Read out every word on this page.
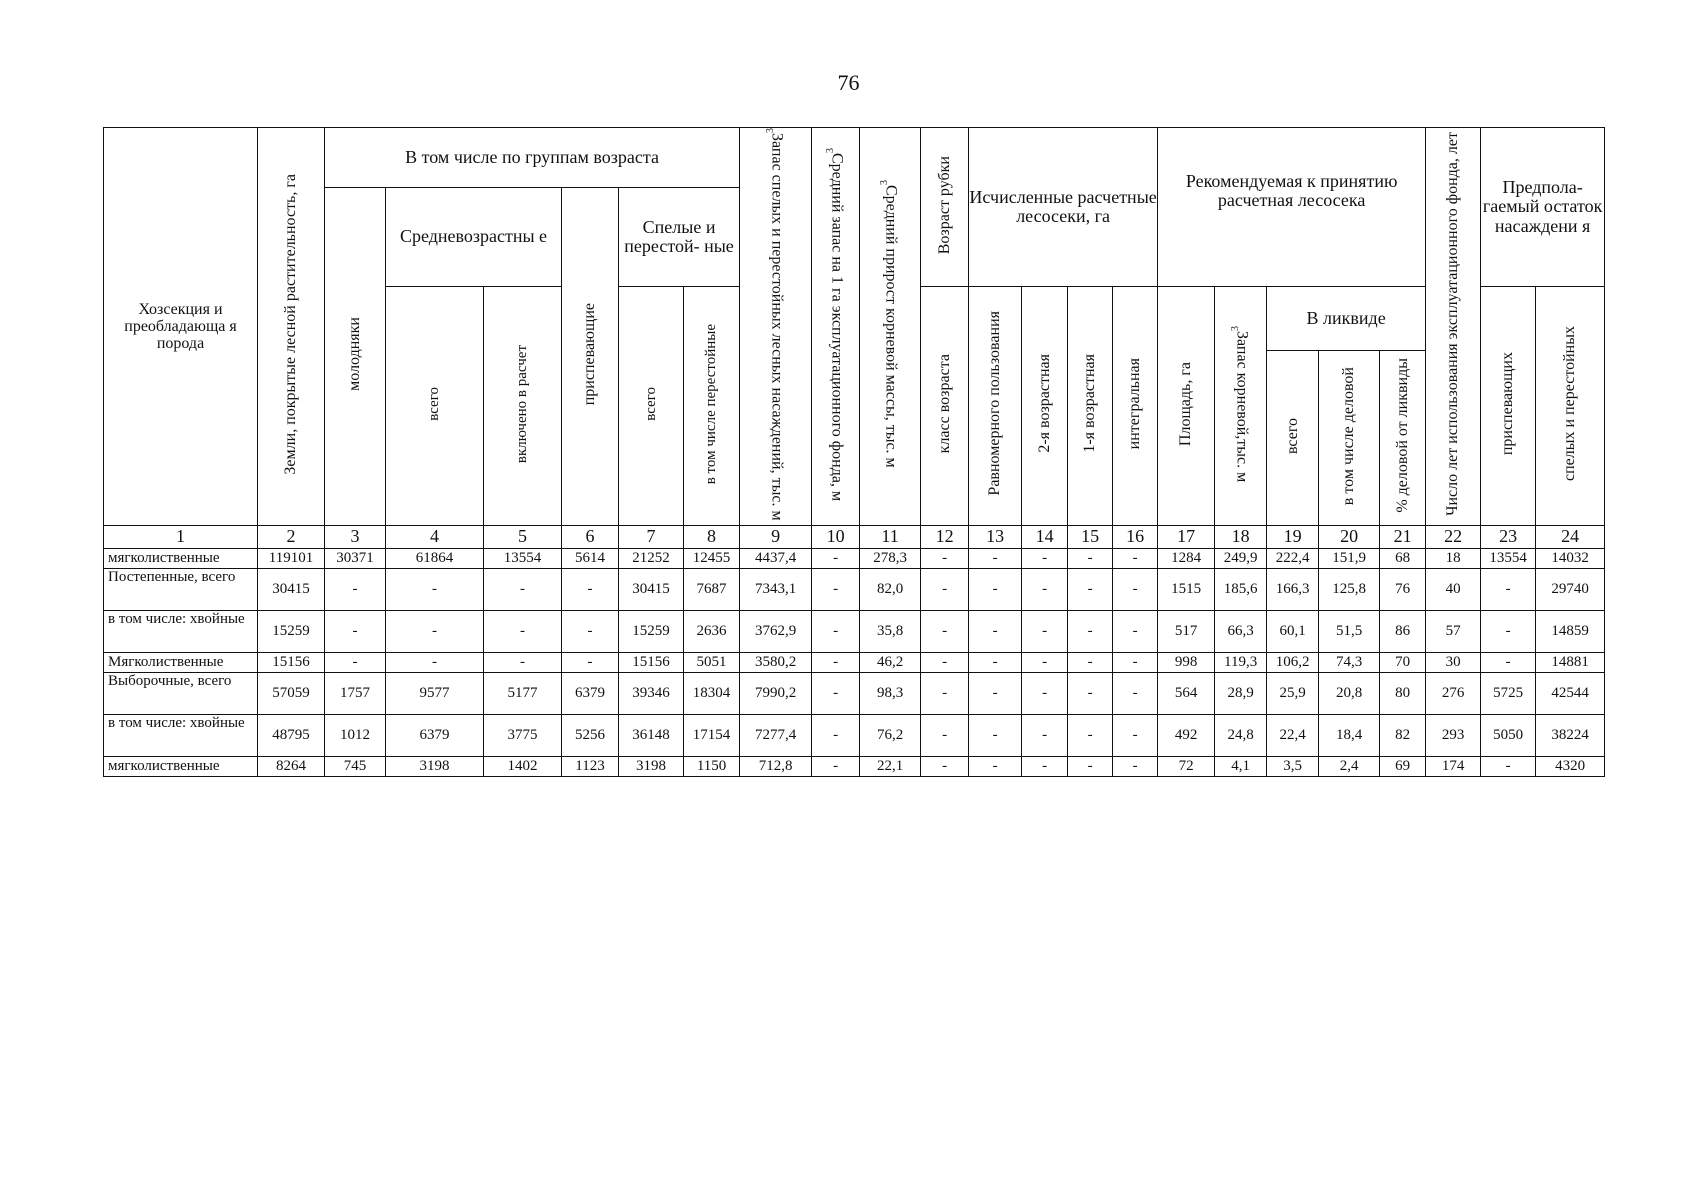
76
Хозсекция и преобладающа я порода	Земли, покрытые лесной растительность, га	В том числе по группам возраста						Запас спелых и перестойных лесных насаждений, тыс. $м^3$	Средний запас на 1 га эксплуатационного фонда, $м^3$	Средний прирост корневой массы, тыс. $м^3$	Возраст рубки	Исчисленные расчетные лесосеки, га				Рекомендуемая к принятию расчетная лесосека					Число лет использования эксплуатационного фонда, лет	Предпола- гаемый остаток насаждени я	
		молодняки	Средневозрастны е		приспевающие	Спелые и перестой- ные																	
			всего	включено в расчет		всего	в том числе перестойные				класс возраста	Равномерного пользования	2-я возрастная	1-я возрастная	интегральная	Площадь, га	Запас корневой,тыс. $м^3$	В ликвиде				приспевающих	спелых и перестойных
																		всего	в том числе деловой	% деловой от ликвиды			
1	2	3	4	5	6	7	8	9	10	11	12	13	14	15	16	17	18	19	20	21	22	23	24
мягколиственные	119101	30371	61864	13554	5614	21252	12455	4437,4	-	278,3	-	-	-	-	-	1284	249,9	222,4	151,9	68	18	13554	14032
Постепенные, всего	30415	-	-	-	-	30415	7687	7343,1	-	82,0	-	-	-	-	-	1515	185,6	166,3	125,8	76	40	-	29740
в том числе: хвойные	15259	-	-	-	-	15259	2636	3762,9	-	35,8	-	-	-	-	-	517	66,3	60,1	51,5	86	57	-	14859
Мягколиственные	15156	-	-	-	-	15156	5051	3580,2	-	46,2	-	-	-	-	-	998	119,3	106,2	74,3	70	30	-	14881
Выборочные, всего	57059	1757	9577	5177	6379	39346	18304	7990,2	-	98,3	-	-	-	-	-	564	28,9	25,9	20,8	80	276	5725	42544
в том числе: хвойные	48795	1012	6379	3775	5256	36148	17154	7277,4	-	76,2	-	-	-	-	-	492	24,8	22,4	18,4	82	293	5050	38224
мягколиственные	8264	745	3198	1402	1123	3198	1150	712,8	-	22,1	-	-	-	-	-	72	4,1	3,5	2,4	69	174	-	4320
